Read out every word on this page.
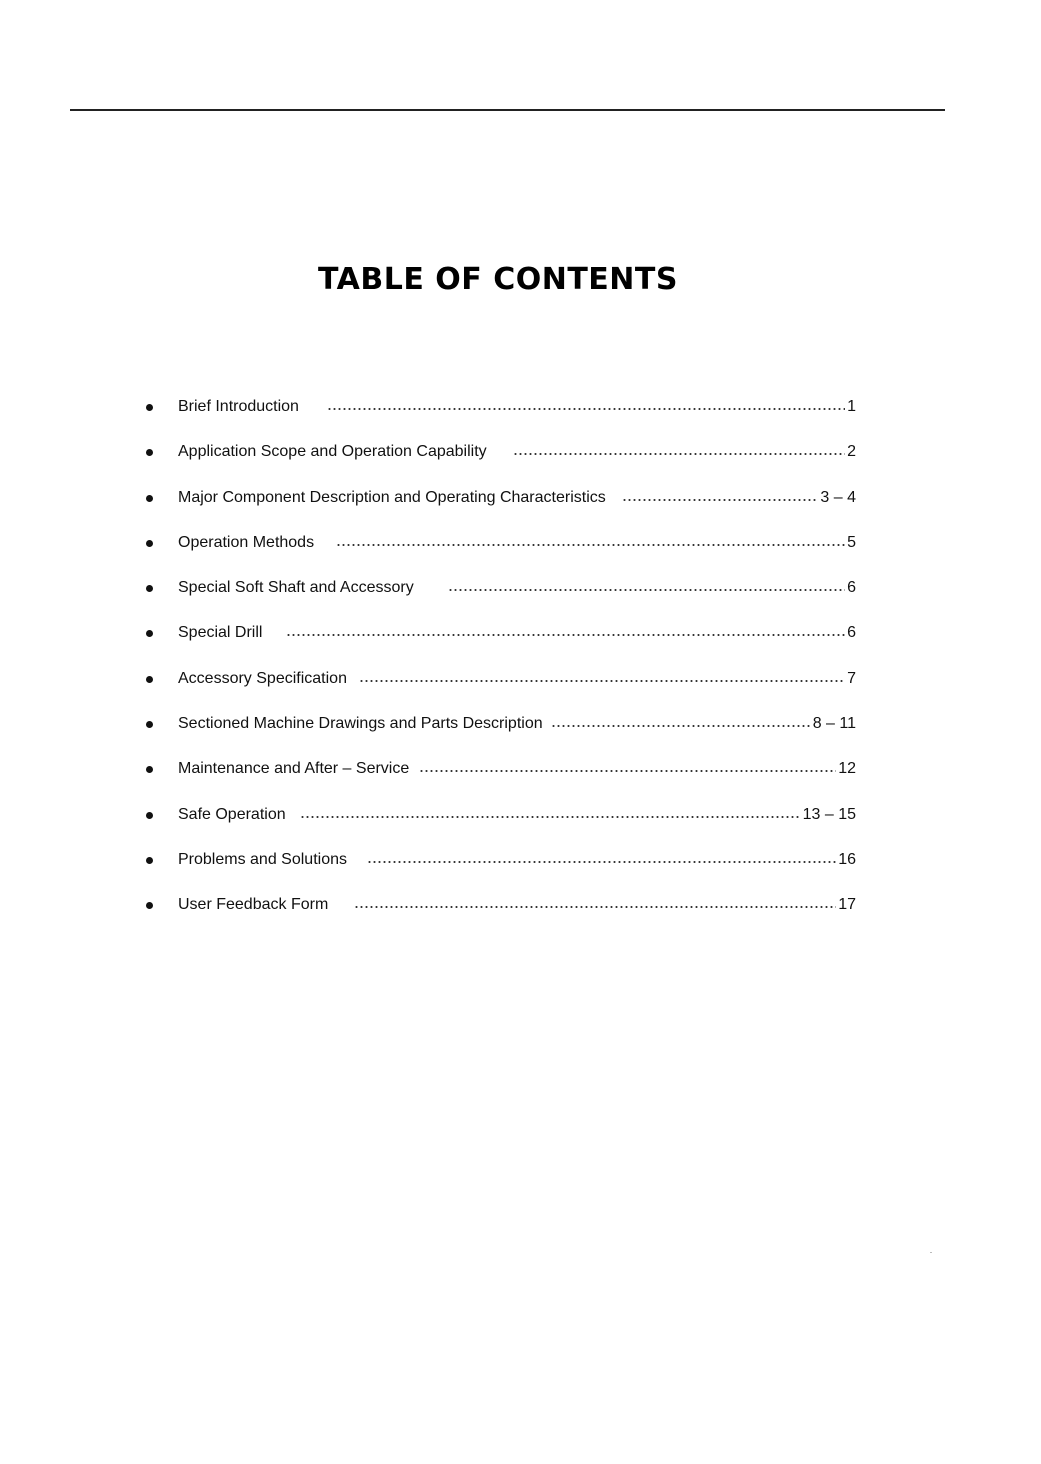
TABLE OF CONTENTS
Brief Introduction	1
Application Scope and Operation Capability	2
Major Component Description and Operating Characteristics	3 – 4
Operation Methods	5
Special Soft Shaft and Accessory	6
Special Drill	6
Accessory Specification	7
Sectioned Machine Drawings and Parts Description	8 – 11
Maintenance and After – Service	12
Safe Operation	13 – 15
Problems and Solutions	16
User Feedback Form	17
